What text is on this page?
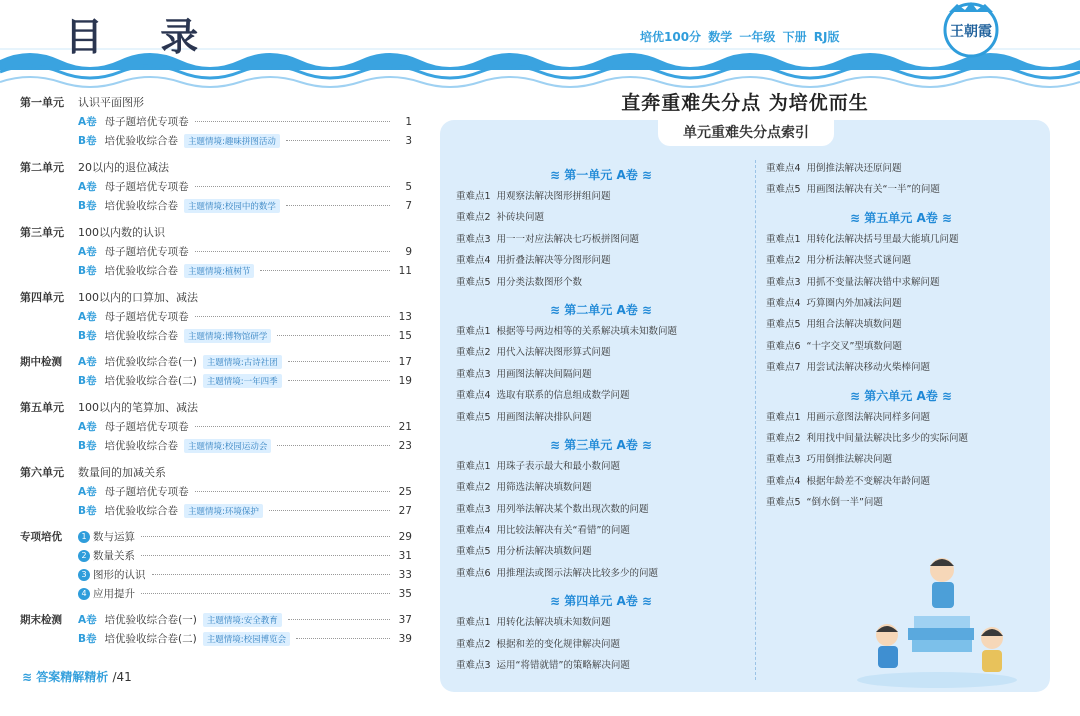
目 录	培优100分 数学 一年级 下册 RJ版	王朝霞
第一单元	认识平面图形
A卷 母子题培优专项卷	1
B卷 培优验收综合卷	主题情境:趣味拼图活动	3
第二单元	20以内的退位减法
A卷 母子题培优专项卷	5
B卷 培优验收综合卷	主题情境:校园中的数学	7
第三单元	100以内数的认识
A卷 母子题培优专项卷	9
B卷 培优验收综合卷	主题情境:植树节	11
第四单元	100以内的口算加、减法
A卷 母子题培优专项卷	13
B卷 培优验收综合卷	主题情境:博物馆研学	15
期中检测	A卷 培优验收综合卷(一)	主题情境:古诗社团	17
B卷 培优验收综合卷(二)	主题情境:一年四季	19
第五单元	100以内的笔算加、减法
A卷 母子题培优专项卷	21
B卷 培优验收综合卷	主题情境:校园运动会	23
第六单元	数量间的加减关系
A卷 母子题培优专项卷	25
B卷 培优验收综合卷	主题情境:环境保护	27
专项培优	1 数与运算	29
2 数量关系	31
3 图形的认识	33
4 应用提升	35
期末检测	A卷 培优验收综合卷(一)	主题情境:安全教育	37
B卷 培优验收综合卷(二)	主题情境:校园博览会	39
≋ 答案精解精析 /41
直奔重难失分点 为培优而生
单元重难失分点索引
≋ 第一单元 A卷 ≋
重难点1 用观察法解决图形拼组问题
重难点2 补砖块问题
重难点3 用一一对应法解决七巧板拼图问题
重难点4 用折叠法解决等分图形问题
重难点5 用分类法数图形个数
≋ 第二单元 A卷 ≋
重难点1 根据等号两边相等的关系解决填未知数问题
重难点2 用代入法解决图形算式问题
重难点3 用画图法解决间隔问题
重难点4 选取有联系的信息组成数学问题
重难点5 用画图法解决排队问题
≋ 第三单元 A卷 ≋
重难点1 用珠子表示最大和最小数问题
重难点2 用筛选法解决填数问题
重难点3 用列举法解决某个数出现次数的问题
重难点4 用比较法解决有关“看错”的问题
重难点5 用分析法解决填数问题
重难点6 用推理法或图示法解决比较多少的问题
≋ 第四单元 A卷 ≋
重难点1 用转化法解决填未知数问题
重难点2 根据和差的变化规律解决问题
重难点3 运用“将错就错”的策略解决问题
重难点4 用倒推法解决还原问题
重难点5 用画图法解决有关“一半”的问题
≋ 第五单元 A卷 ≋
重难点1 用转化法解决括号里最大能填几问题
重难点2 用分析法解决竖式谜问题
重难点3 用抓不变量法解决错中求解问题
重难点4 巧算圈内外加减法问题
重难点5 用组合法解决填数问题
重难点6 “十字交叉”型填数问题
重难点7 用尝试法解决移动火柴棒问题
≋ 第六单元 A卷 ≋
重难点1 用画示意图法解决同样多问题
重难点2 利用找中间量法解决比多少的实际问题
重难点3 巧用倒推法解决问题
重难点4 根据年龄差不变解决年龄问题
重难点5 “倒水倒一半”问题
